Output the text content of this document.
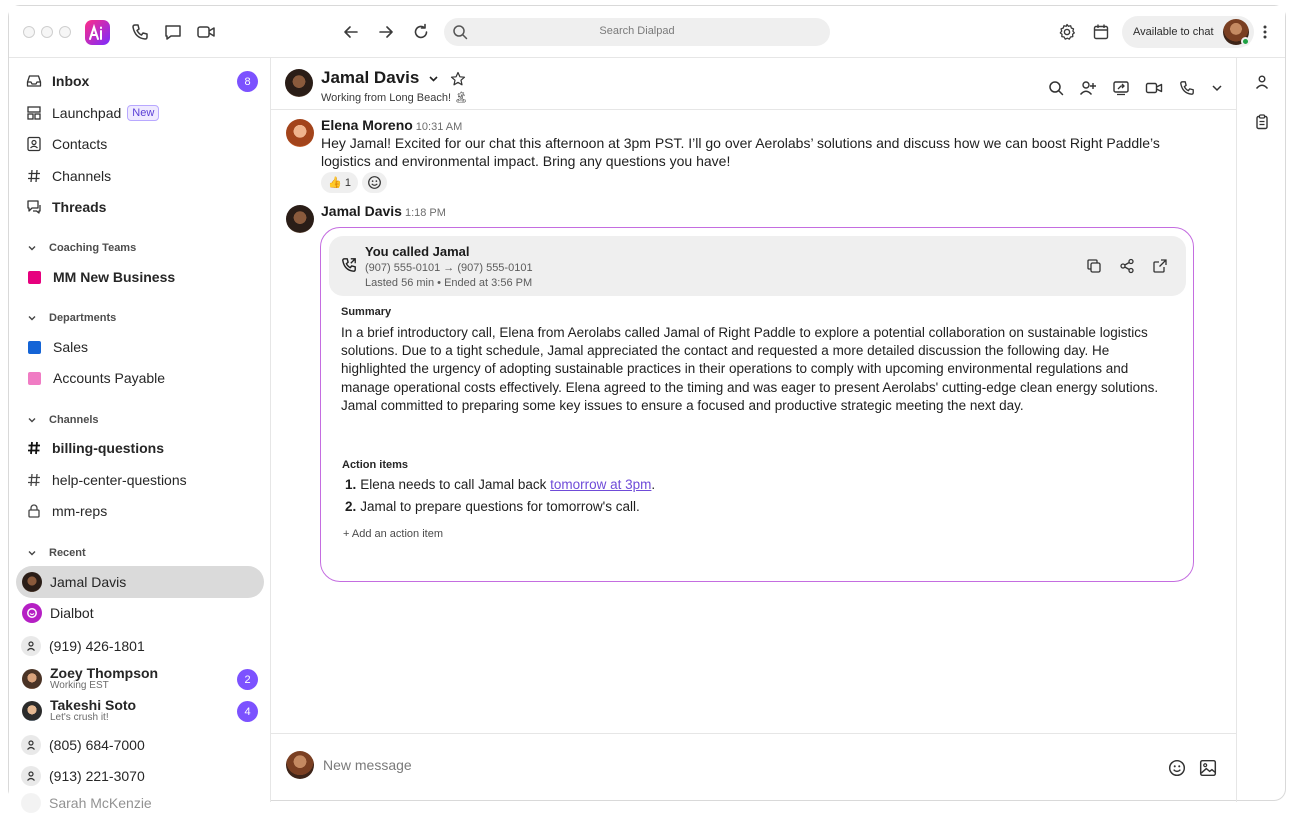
Search Dialpad	Available to chat
Inbox	8
Launchpad	New
Contacts
Channels
Threads
Coaching Teams
MM New Business
Departments
Sales
Accounts Payable
Channels
billing-questions
help-center-questions
mm-reps
Recent
Jamal Davis
Dialbot
(919) 426-1801
Zoey Thompson
Working EST	2
Takeshi Soto
Let's crush it!	4
(805) 684-7000
(913) 221-3070
Sarah McKenzie
Jamal Davis

Working from Long Beach! 🏝
Elena Moreno 10:31 AM
Hey Jamal! Excited for our chat this afternoon at 3pm PST. I’ll go over Aerolabs’ solutions and discuss how we can boost Right Paddle’s logistics and environmental impact. Bring any questions you have!
👍
1
Jamal Davis 1:18 PM
You called Jamal
(907) 555-0101 → (907) 555-0101
Lasted 56 min • Ended at 3:56 PM
Summary
In a brief introductory call, Elena from Aerolabs called Jamal of Right Paddle to explore a potential collaboration on sustainable logistics solutions. Due to a tight schedule, Jamal appreciated the contact and requested a more detailed discussion the following day. He highlighted the urgency of adopting sustainable practices in their operations to comply with upcoming environmental regulations and manage operational costs effectively. Elena agreed to the timing and was eager to present Aerolabs' cutting-edge clean energy solutions. Jamal committed to preparing some key issues to ensure a focused and productive strategic meeting the next day.
Action items
1. Elena needs to call Jamal back tomorrow at 3pm.
2. Jamal to prepare questions for tomorrow's call.
+ Add an action item
New message
